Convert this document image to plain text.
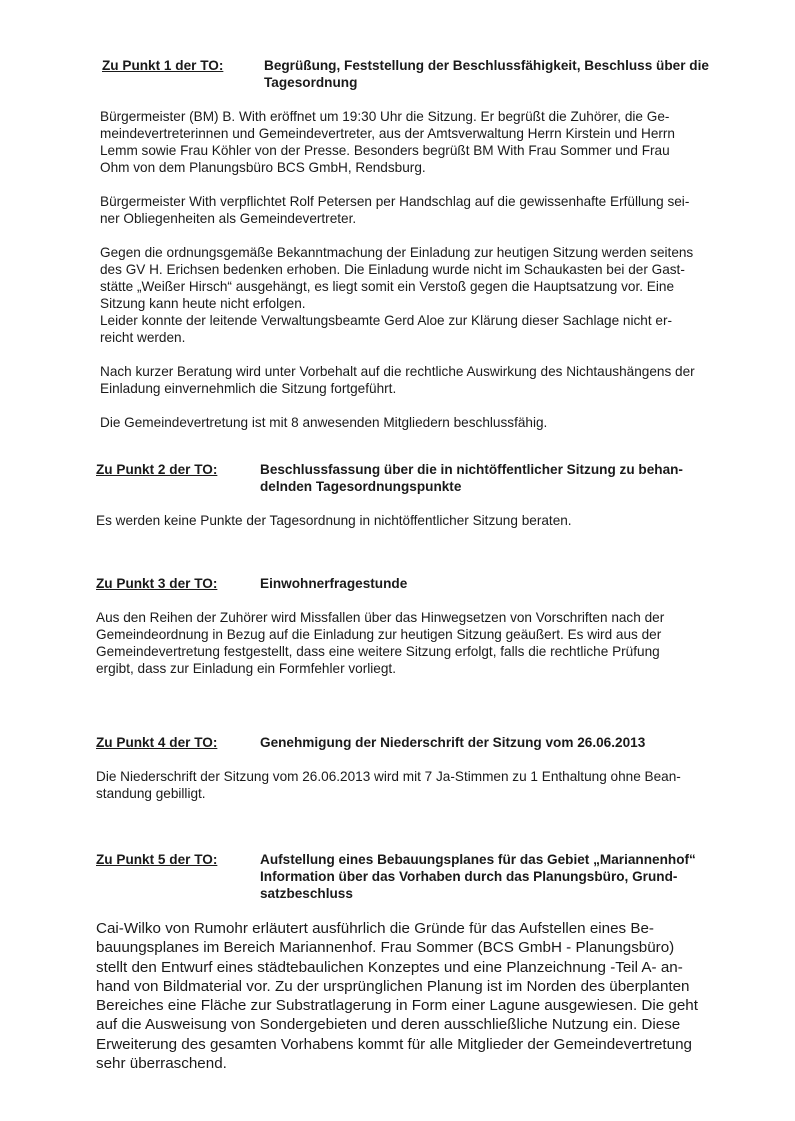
Zu Punkt 1 der TO:	Begrüßung, Feststellung der Beschlussfähigkeit, Beschluss über die
Tagesordnung

Bürgermeister (BM) B. With eröffnet um 19:30 Uhr die Sitzung. Er begrüßt die Zuhörer, die Ge-
meindevertreterinnen und Gemeindevertreter, aus der Amtsverwaltung Herrn Kirstein und Herrn
Lemm sowie Frau Köhler von der Presse. Besonders begrüßt BM With Frau Sommer und Frau
Ohm von dem Planungsbüro BCS GmbH, Rendsburg.

Bürgermeister With verpflichtet Rolf Petersen per Handschlag auf die gewissenhafte Erfüllung sei-
ner Obliegenheiten als Gemeindevertreter.

Gegen die ordnungsgemäße Bekanntmachung der Einladung zur heutigen Sitzung werden seitens
des GV H. Erichsen bedenken erhoben. Die Einladung wurde nicht im Schaukasten bei der Gast-
stätte „Weißer Hirsch“ ausgehängt, es liegt somit ein Verstoß gegen die Hauptsatzung vor. Eine
Sitzung kann heute nicht erfolgen.
Leider konnte der leitende Verwaltungsbeamte Gerd Aloe zur Klärung dieser Sachlage nicht er-
reicht werden.

Nach kurzer Beratung wird unter Vorbehalt auf die rechtliche Auswirkung des Nichtaushängens der
Einladung einvernehmlich die Sitzung fortgeführt.

Die Gemeindevertretung ist mit 8 anwesenden Mitgliedern beschlussfähig.

Zu Punkt 2 der TO:	Beschlussfassung über die in nichtöffentlicher Sitzung zu behan-
delnden Tagesordnungspunkte

Es werden keine Punkte der Tagesordnung in nichtöffentlicher Sitzung beraten.

Zu Punkt 3 der TO:	Einwohnerfragestunde

Aus den Reihen der Zuhörer wird Missfallen über das Hinwegsetzen von Vorschriften nach der
Gemeindeordnung in Bezug auf die Einladung zur heutigen Sitzung geäußert. Es wird aus der
Gemeindevertretung festgestellt, dass eine weitere Sitzung erfolgt, falls die rechtliche Prüfung
ergibt, dass zur Einladung ein Formfehler vorliegt.

Zu Punkt 4 der TO:	Genehmigung der Niederschrift der Sitzung vom 26.06.2013

Die Niederschrift der Sitzung vom 26.06.2013 wird mit 7 Ja-Stimmen zu 1 Enthaltung ohne Bean-
standung gebilligt.

Zu Punkt 5 der TO:	Aufstellung eines Bebauungsplanes für das Gebiet „Mariannenhof“
Information über das Vorhaben durch das Planungsbüro, Grund-
satzbeschluss

Cai-Wilko von Rumohr erläutert ausführlich die Gründe für das Aufstellen eines Be-
bauungsplanes im Bereich Mariannenhof. Frau Sommer (BCS GmbH - Planungsbüro)
stellt den Entwurf eines städtebaulichen Konzeptes und eine Planzeichnung -Teil A- an-
hand von Bildmaterial vor. Zu der ursprünglichen Planung ist im Norden des überplanten
Bereiches eine Fläche zur Substratlagerung in Form einer Lagune ausgewiesen. Die geht
auf die Ausweisung von Sondergebieten und deren ausschließliche Nutzung ein. Diese
Erweiterung des gesamten Vorhabens kommt für alle Mitglieder der Gemeindevertretung
sehr überraschend.
